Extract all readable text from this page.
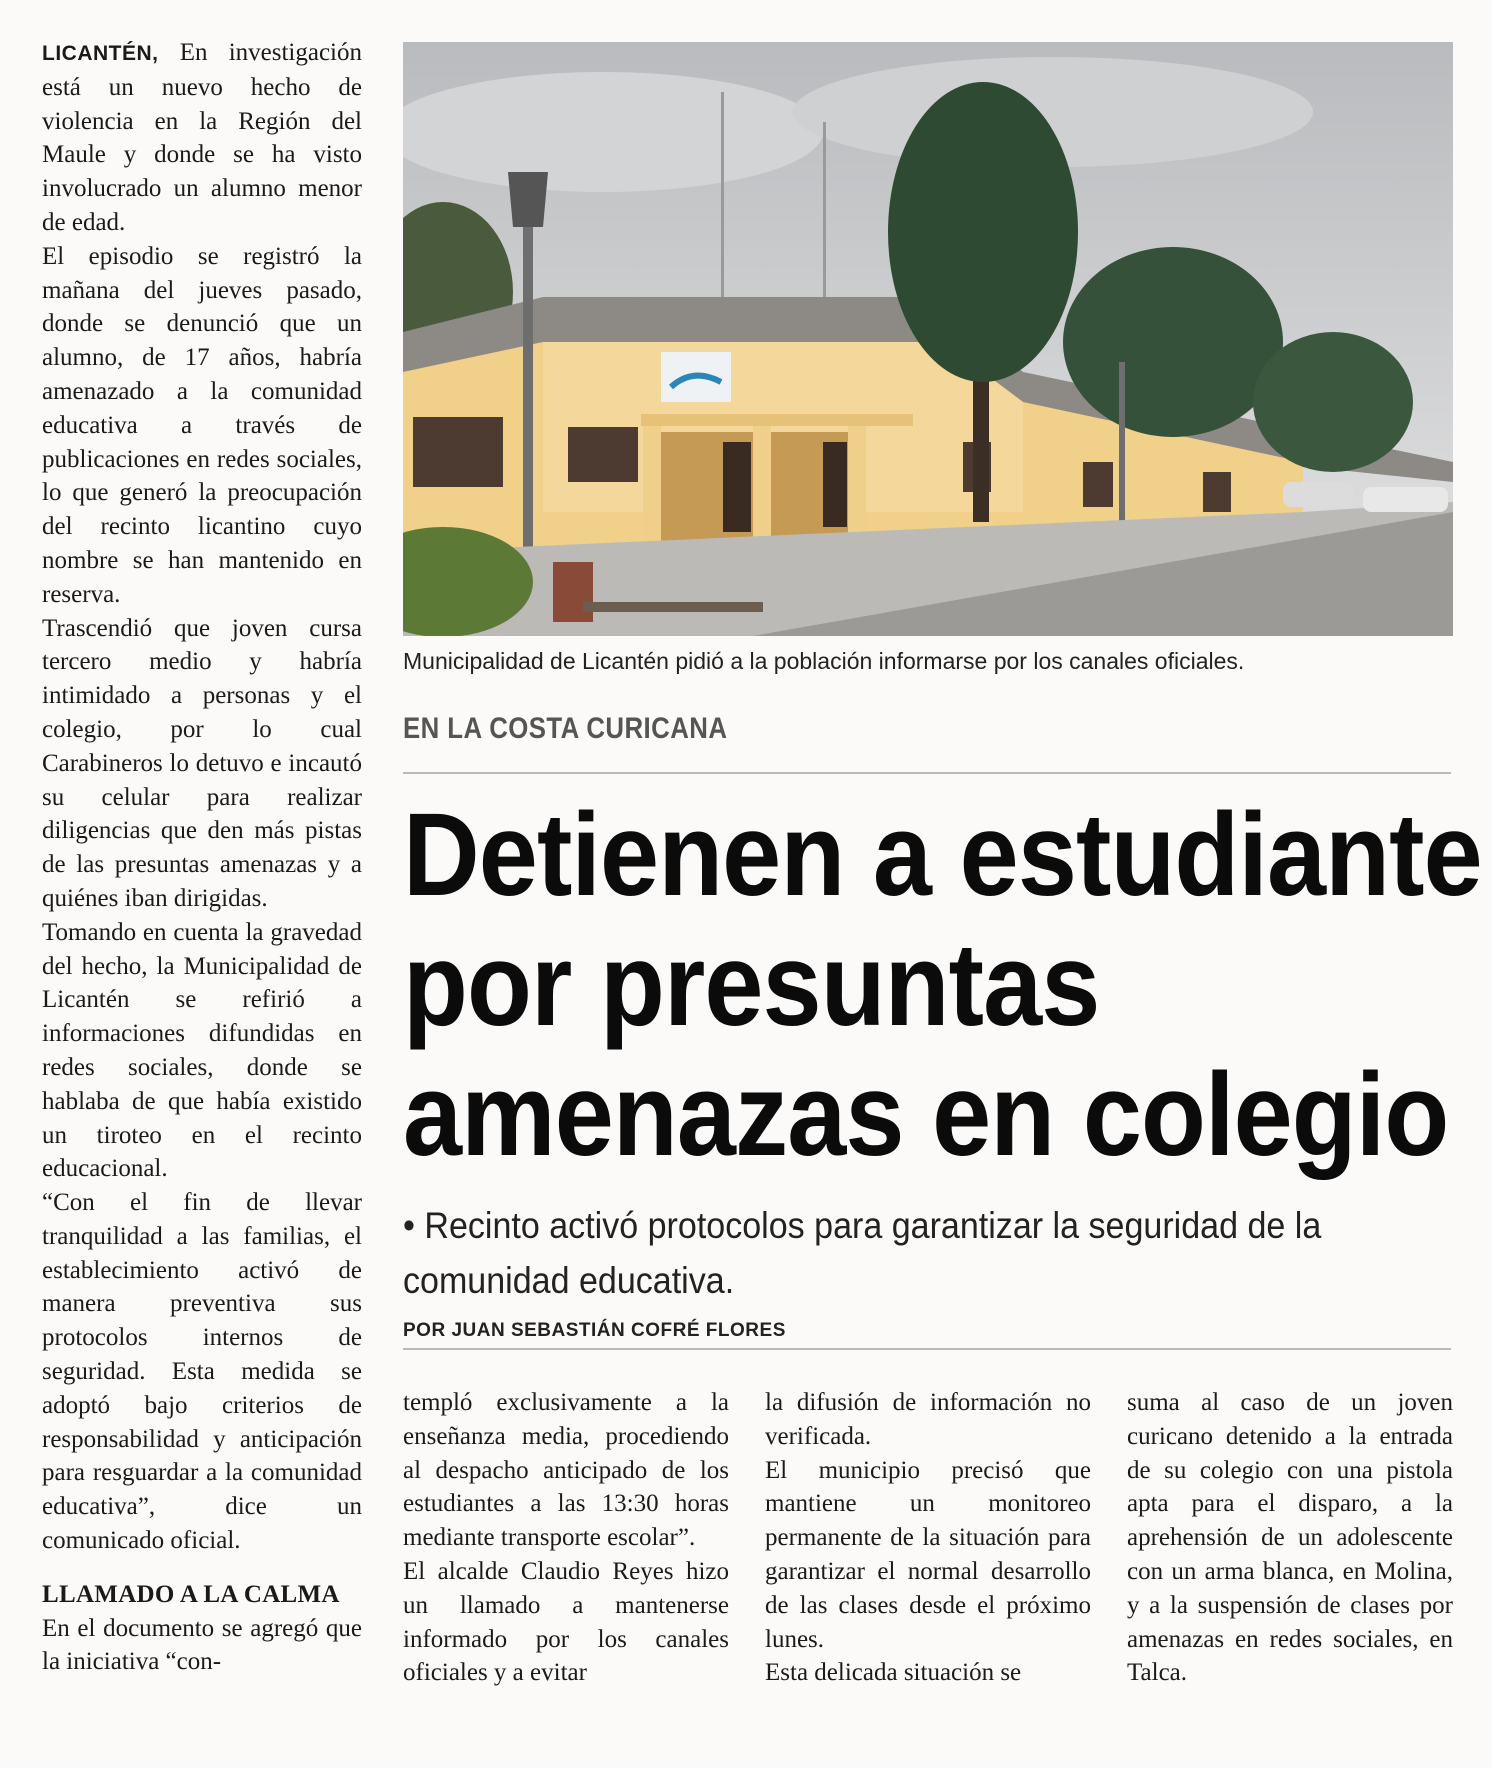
LICANTÉN, En investigación está un nuevo hecho de violencia en la Región del Maule y donde se ha visto involucrado un alumno menor de edad.

El episodio se registró la mañana del jueves pasado, donde se denunció que un alumno, de 17 años, habría amenazado a la comunidad educativa a través de publicaciones en redes sociales, lo que generó la preocupación del recinto licantino cuyo nombre se han mantenido en reserva.

Trascendió que joven cursa tercero medio y habría intimidado a personas y el colegio, por lo cual Carabineros lo detuvo e incautó su celular para realizar diligencias que den más pistas de las presuntas amenazas y a quiénes iban dirigidas.

Tomando en cuenta la gravedad del hecho, la Municipalidad de Licantén se refirió a informaciones difundidas en redes sociales, donde se hablaba de que había existido un tiroteo en el recinto educacional.

“Con el fin de llevar tranquilidad a las familias, el establecimiento activó de manera preventiva sus protocolos internos de seguridad. Esta medida se adoptó bajo criterios de responsabilidad y anticipación para resguardar a la comunidad educativa”, dice un comunicado oficial.

LLAMADO A LA CALMA

En el documento se agregó que la iniciativa “con-

Municipalidad de Licantén pidió a la población informarse por los canales oficiales.
EN LA COSTA CURICANA
Detienen a estudiante
por presuntas
amenazas en colegio
• Recinto activó protocolos para garantizar la seguridad de la comunidad educativa.
POR JUAN SEBASTIÁN COFRÉ FLORES

templó exclusivamente a la enseñanza media, procediendo al despacho anticipado de los estudiantes a las 13:30 horas mediante transporte escolar”.

El alcalde Claudio Reyes hizo un llamado a mantenerse informado por los canales oficiales y a evitar

la difusión de información no verificada.

El municipio precisó que mantiene un monitoreo permanente de la situación para garantizar el normal desarrollo de las clases desde el próximo lunes.

Esta delicada situación se

suma al caso de un joven curicano detenido a la entrada de su colegio con una pistola apta para el disparo, a la aprehensión de un adolescente con un arma blanca, en Molina, y a la suspensión de clases por amenazas en redes sociales, en Talca.
